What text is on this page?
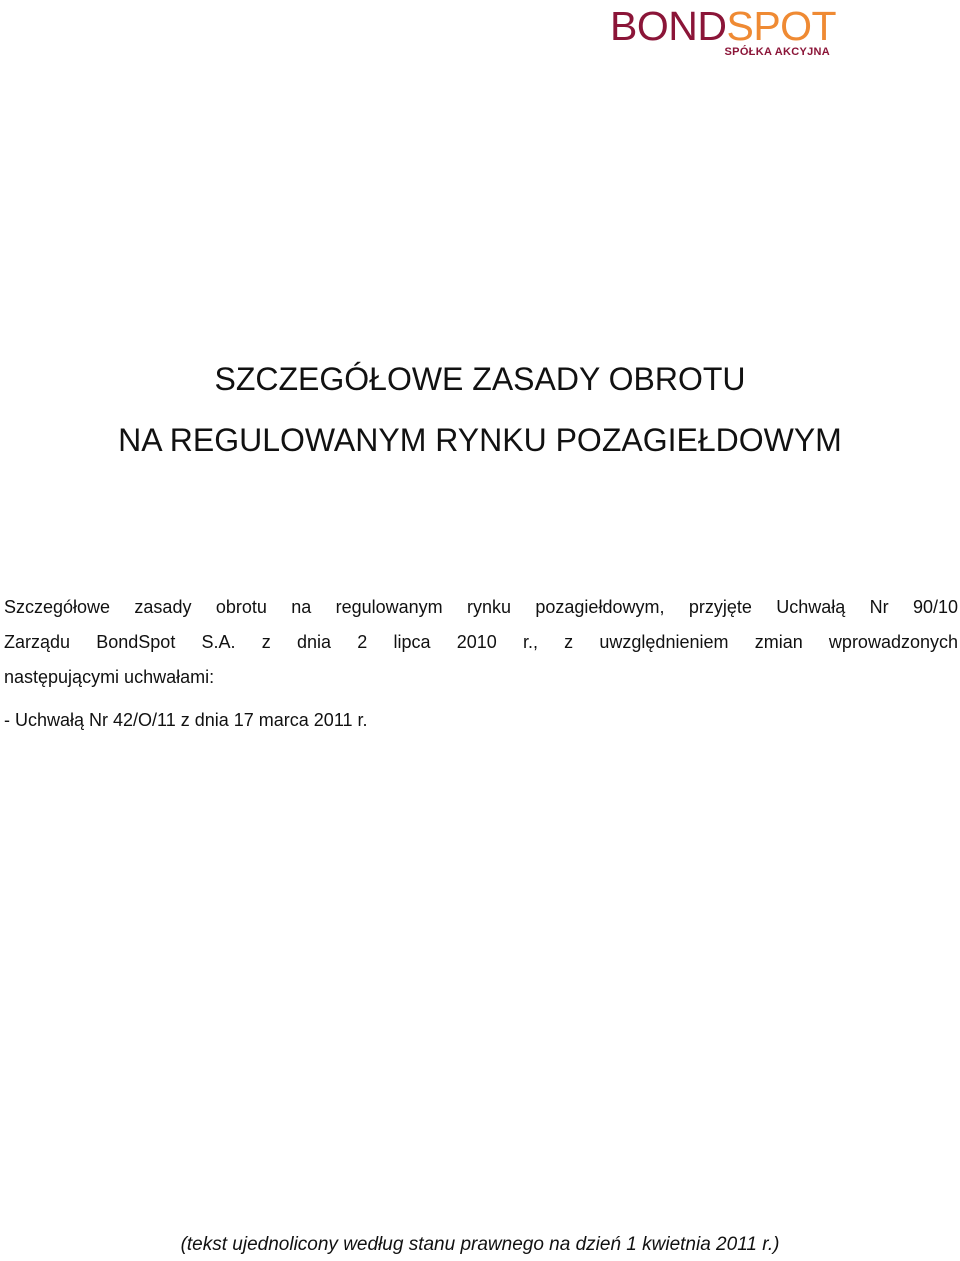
BONDSPOT
SPÓŁKA AKCYJNA
SZCZEGÓŁOWE ZASADY OBROTU
NA REGULOWANYM RYNKU POZAGIEŁDOWYM
Szczegółowe zasady obrotu na regulowanym rynku pozagiełdowym, przyjęte Uchwałą Nr 90/10
Zarządu BondSpot S.A. z dnia 2 lipca 2010 r., z uwzględnieniem zmian wprowadzonych
następującymi uchwałami:
- Uchwałą Nr 42/O/11 z dnia 17 marca 2011 r.
(tekst ujednolicony według stanu prawnego na dzień 1 kwietnia 2011 r.)
